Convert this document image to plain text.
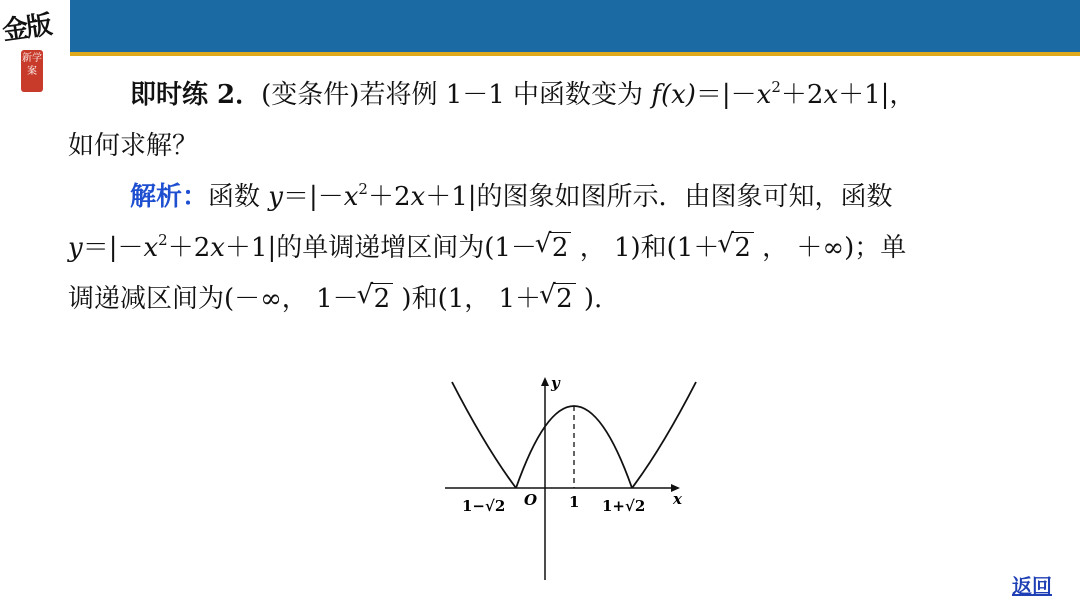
金版
新学案
即时练 2．(变条件)若将例 1－1 中函数变为 $f(x)=|-x^2+2x+1|$，
如何求解？
解析：函数 $y=|-x^2+2x+1|$的图象如图所示．由图象可知，函数
$y=|-x^2+2x+1|$的单调递增区间为(1－ √ 2 ， 1)和(1＋ √ 2 ， ＋∞)；单
调递减区间为(－∞， 1－ √ 2 )和(1， 1＋ √ 2 ).
y
x
O 1
1−√2	1+√2
返回
